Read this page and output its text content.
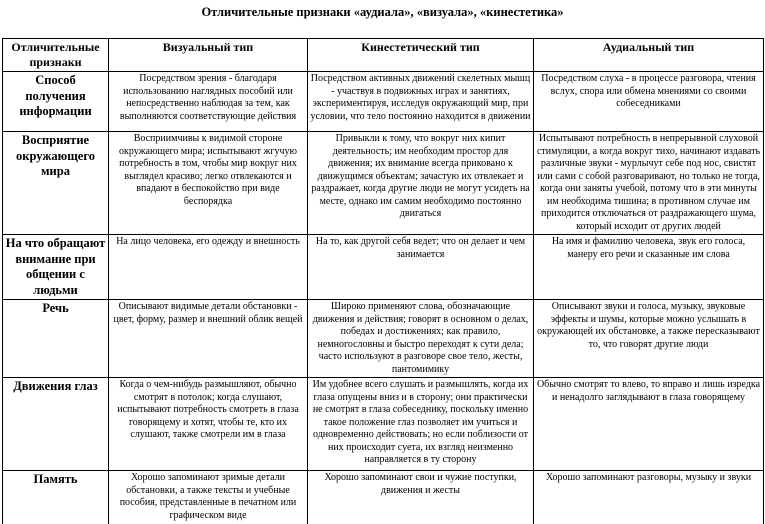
Отличительные признаки «аудиала», «визуала», «кинестетика»
Отличительные признаки	Визуальный тип	Кинестетический тип	Аудиальный тип
Способ получения информации	Посредством зрения - благодаря использованию наглядных пособий или непосредственно наблюдая за тем, как выполняются соответствующие действия	Посредством активных движений скелетных мышц - участвуя в подвижных играх и занятиях, экспериментируя, исследуя окружающий мир, при условии, что тело постоянно находится в движении	Посредством слуха - в процессе разговора, чтения вслух, спора или обмена мнениями со своими собеседниками
Восприятие окружающего мира	Восприимчивы к видимой стороне окружающего мира; испытывают жгучую потребность в том, чтобы мир вокруг них выглядел красиво; легко отвлекаются и впадают в беспокойство при виде беспорядка	Привыкли к тому, что вокруг них кипит деятельность; им необходим простор для движения; их внимание всегда приковано к движущимся объектам; зачастую их отвлекает и раздражает, когда другие люди не могут усидеть на месте, однако им самим необходимо постоянно двигаться	Испытывают потребность в непрерывной слуховой стимуляции, а когда вокруг тихо, начинают издавать различные звуки - мурлычут себе под нос, свистят или сами с собой разговаривают, но только не тогда, когда они заняты учебой, потому что в эти минуты им необходима тишина; в противном случае им приходится отключаться от раздражающего шума, который исходит от других людей
На что обращают внимание при общении с людьми	На лицо человека, его одежду и внешность	На то, как другой себя ведет; что он делает и чем занимается	На имя и фамилию человека, звук его голоса, манеру его речи и сказанные им слова
Речь	Описывают видимые детали обстановки - цвет, форму, размер и внешний облик вещей	Широко применяют слова, обозначающие движения и действия; говорят в основном о делах, победах и достижениях; как правило, немногословны и быстро переходят к сути дела; часто используют в разговоре свое тело, жесты, пантомимику	Описывают звуки и голоса, музыку, звуковые эффекты и шумы, которые можно услышать в окружающей их обстановке, а также пересказывают то, что говорят другие люди
Движения глаз	Когда о чем-нибудь размышляют, обычно смотрят в потолок; когда слушают, испытывают потребность смотреть в глаза говорящему и хотят, чтобы те, кто их слушают, также смотрели им в глаза	Им удобнее всего слушать и размышлять, когда их глаза опущены вниз и в сторону; они практически не смотрят в глаза собеседнику, поскольку именно такое положение глаз позволяет им учиться и одновременно действовать; но если поблизости от них происходит суета, их взгляд неизменно направляется в ту сторону	Обычно смотрят то влево, то вправо и лишь изредка и ненадолго заглядывают в глаза говорящему
Память	Хорошо запоминают зримые детали обстановки, а также тексты и учебные пособия, представленные в печатном или графическом виде	Хорошо запоминают свои и чужие поступки, движения и жесты	Хорошо запоминают разговоры, музыку и звуки
